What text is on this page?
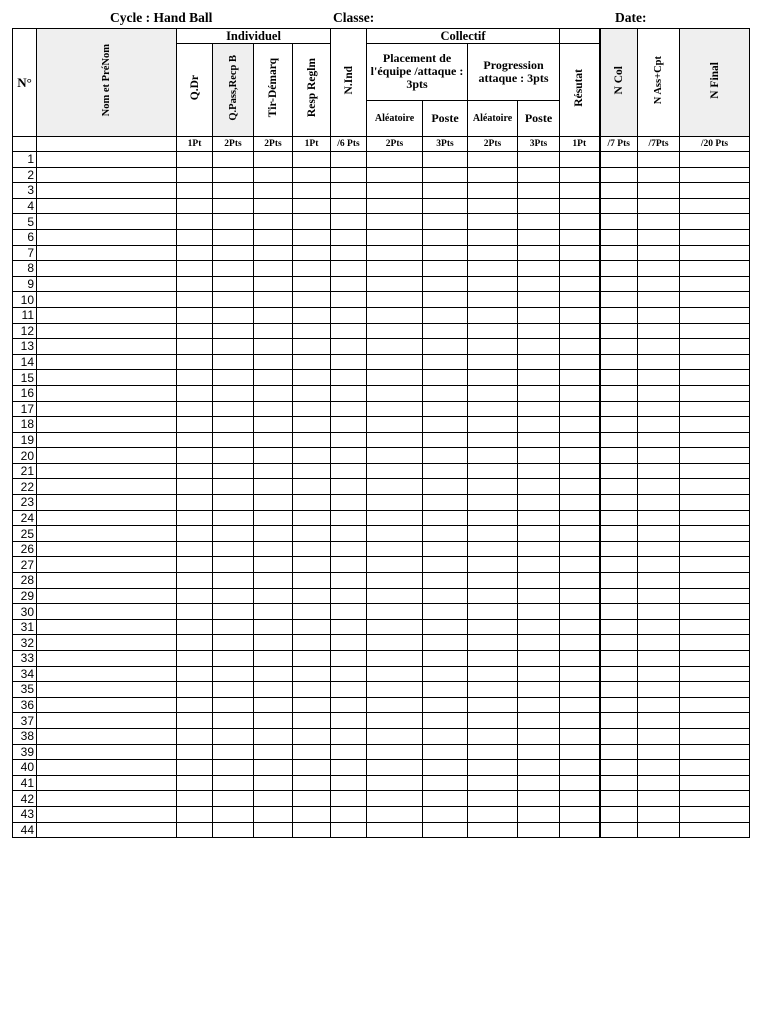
Cycle : Hand Ball	Classe:	Date:
N°	Nom et PréNom	Individuel				N.Ind	Collectif					N Col	N Ass+Cpt	N Final
		Q.Dr	Q.Pass,Recp B	Tir-Démarq	Resp Reglm		Placement de l'équipe /attaque : 3pts		Progression attaque : 3pts		Résutat			
							Aléatoire	Poste	Aléatoire	Poste				
		1Pt	2Pts	2Pts	1Pt	/6 Pts	2Pts	3Pts	2Pts	3Pts	1Pt	/7 Pts	/7Pts	/20 Pts
1														
2														
3														
4														
5														
6														
7														
8														
9														
10														
11														
12														
13														
14														
15														
16														
17														
18														
19														
20														
21														
22														
23														
24														
25														
26														
27														
28														
29														
30														
31														
32														
33														
34														
35														
36														
37														
38														
39														
40														
41														
42														
43														
44														
